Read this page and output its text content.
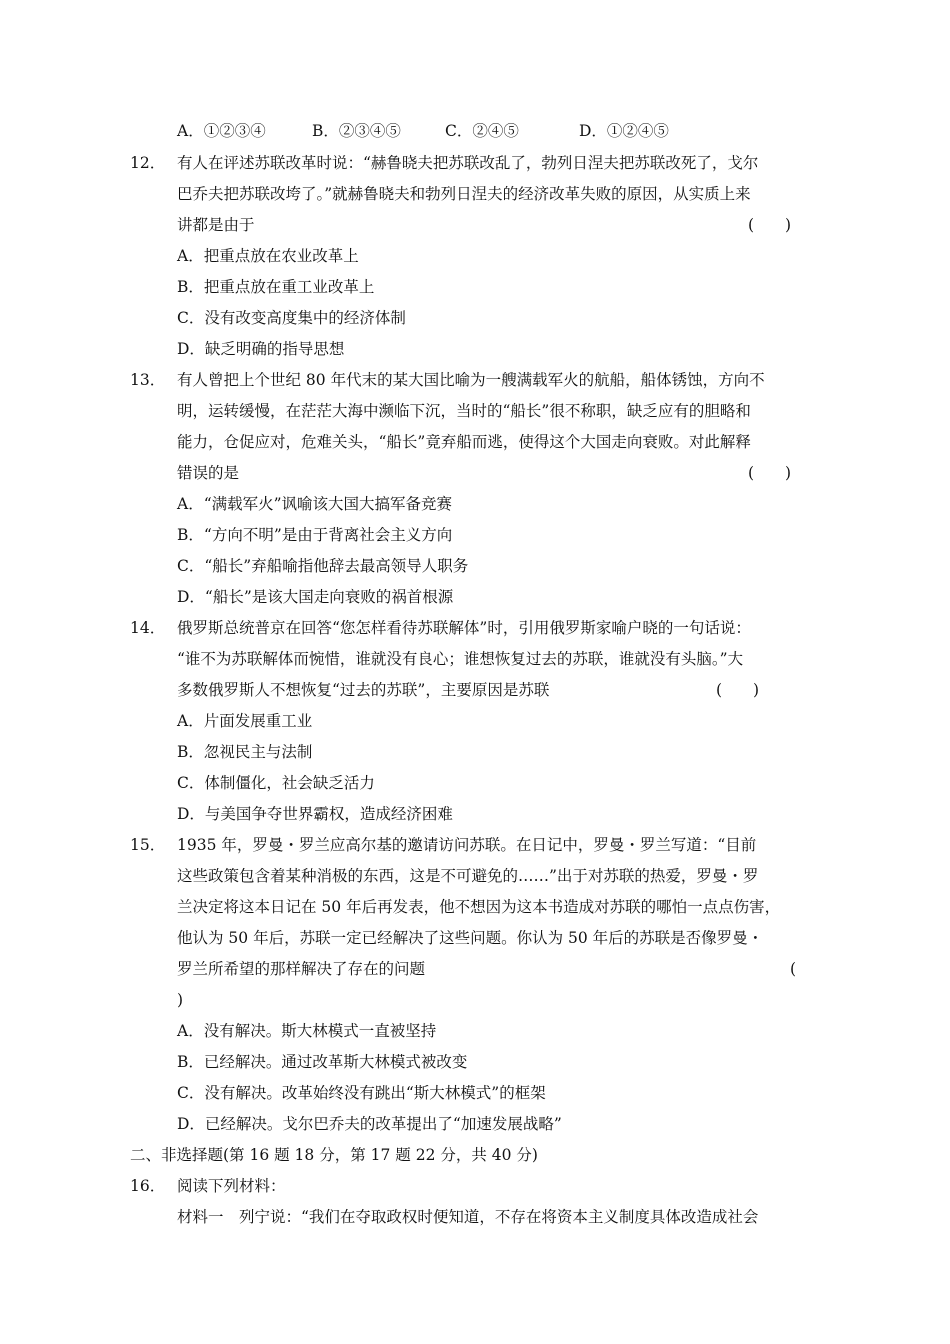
A．①②③④	B．②③④⑤	C．②④⑤	D．①②④⑤
12． 有人在评述苏联改革时说：“赫鲁晓夫把苏联改乱了，勃列日涅夫把苏联改死了，戈尔
巴乔夫把苏联改垮了。”就赫鲁晓夫和勃列日涅夫的经济改革失败的原因，从实质上来
讲都是由于	(　　)
A．把重点放在农业改革上
B．把重点放在重工业改革上
C．没有改变高度集中的经济体制
D．缺乏明确的指导思想
13． 有人曾把上个世纪 80 年代末的某大国比喻为一艘满载军火的航船，船体锈蚀，方向不
明，运转缓慢，在茫茫大海中濒临下沉，当时的“船长”很不称职，缺乏应有的胆略和
能力，仓促应对，危难关头，“船长”竟弃船而逃，使得这个大国走向衰败。对此解释
错误的是	(　　)
A．“满载军火”讽喻该大国大搞军备竞赛
B．“方向不明”是由于背离社会主义方向
C．“船长”弃船喻指他辞去最高领导人职务
D．“船长”是该大国走向衰败的祸首根源
14． 俄罗斯总统普京在回答“您怎样看待苏联解体”时，引用俄罗斯家喻户晓的一句话说：
“谁不为苏联解体而惋惜，谁就没有良心；谁想恢复过去的苏联，谁就没有头脑。”大
多数俄罗斯人不想恢复“过去的苏联”，主要原因是苏联	(　　)
A．片面发展重工业
B．忽视民主与法制
C．体制僵化，社会缺乏活力
D．与美国争夺世界霸权，造成经济困难
15． 1935 年，罗曼・罗兰应高尔基的邀请访问苏联。在日记中，罗曼・罗兰写道：“目前
这些政策包含着某种消极的东西，这是不可避免的……”出于对苏联的热爱，罗曼・罗
兰决定将这本日记在 50 年后再发表，他不想因为这本书造成对苏联的哪怕一点点伤害，
他认为 50 年后，苏联一定已经解决了这些问题。你认为 50 年后的苏联是否像罗曼・
罗兰所希望的那样解决了存在的问题	(
)
A．没有解决。斯大林模式一直被坚持
B．已经解决。通过改革斯大林模式被改变
C．没有解决。改革始终没有跳出“斯大林模式”的框架
D．已经解决。戈尔巴乔夫的改革提出了“加速发展战略”
二、非选择题(第 16 题 18 分，第 17 题 22 分，共 40 分)
16． 阅读下列材料：
材料一　列宁说：“我们在夺取政权时便知道，不存在将资本主义制度具体改造成社会
